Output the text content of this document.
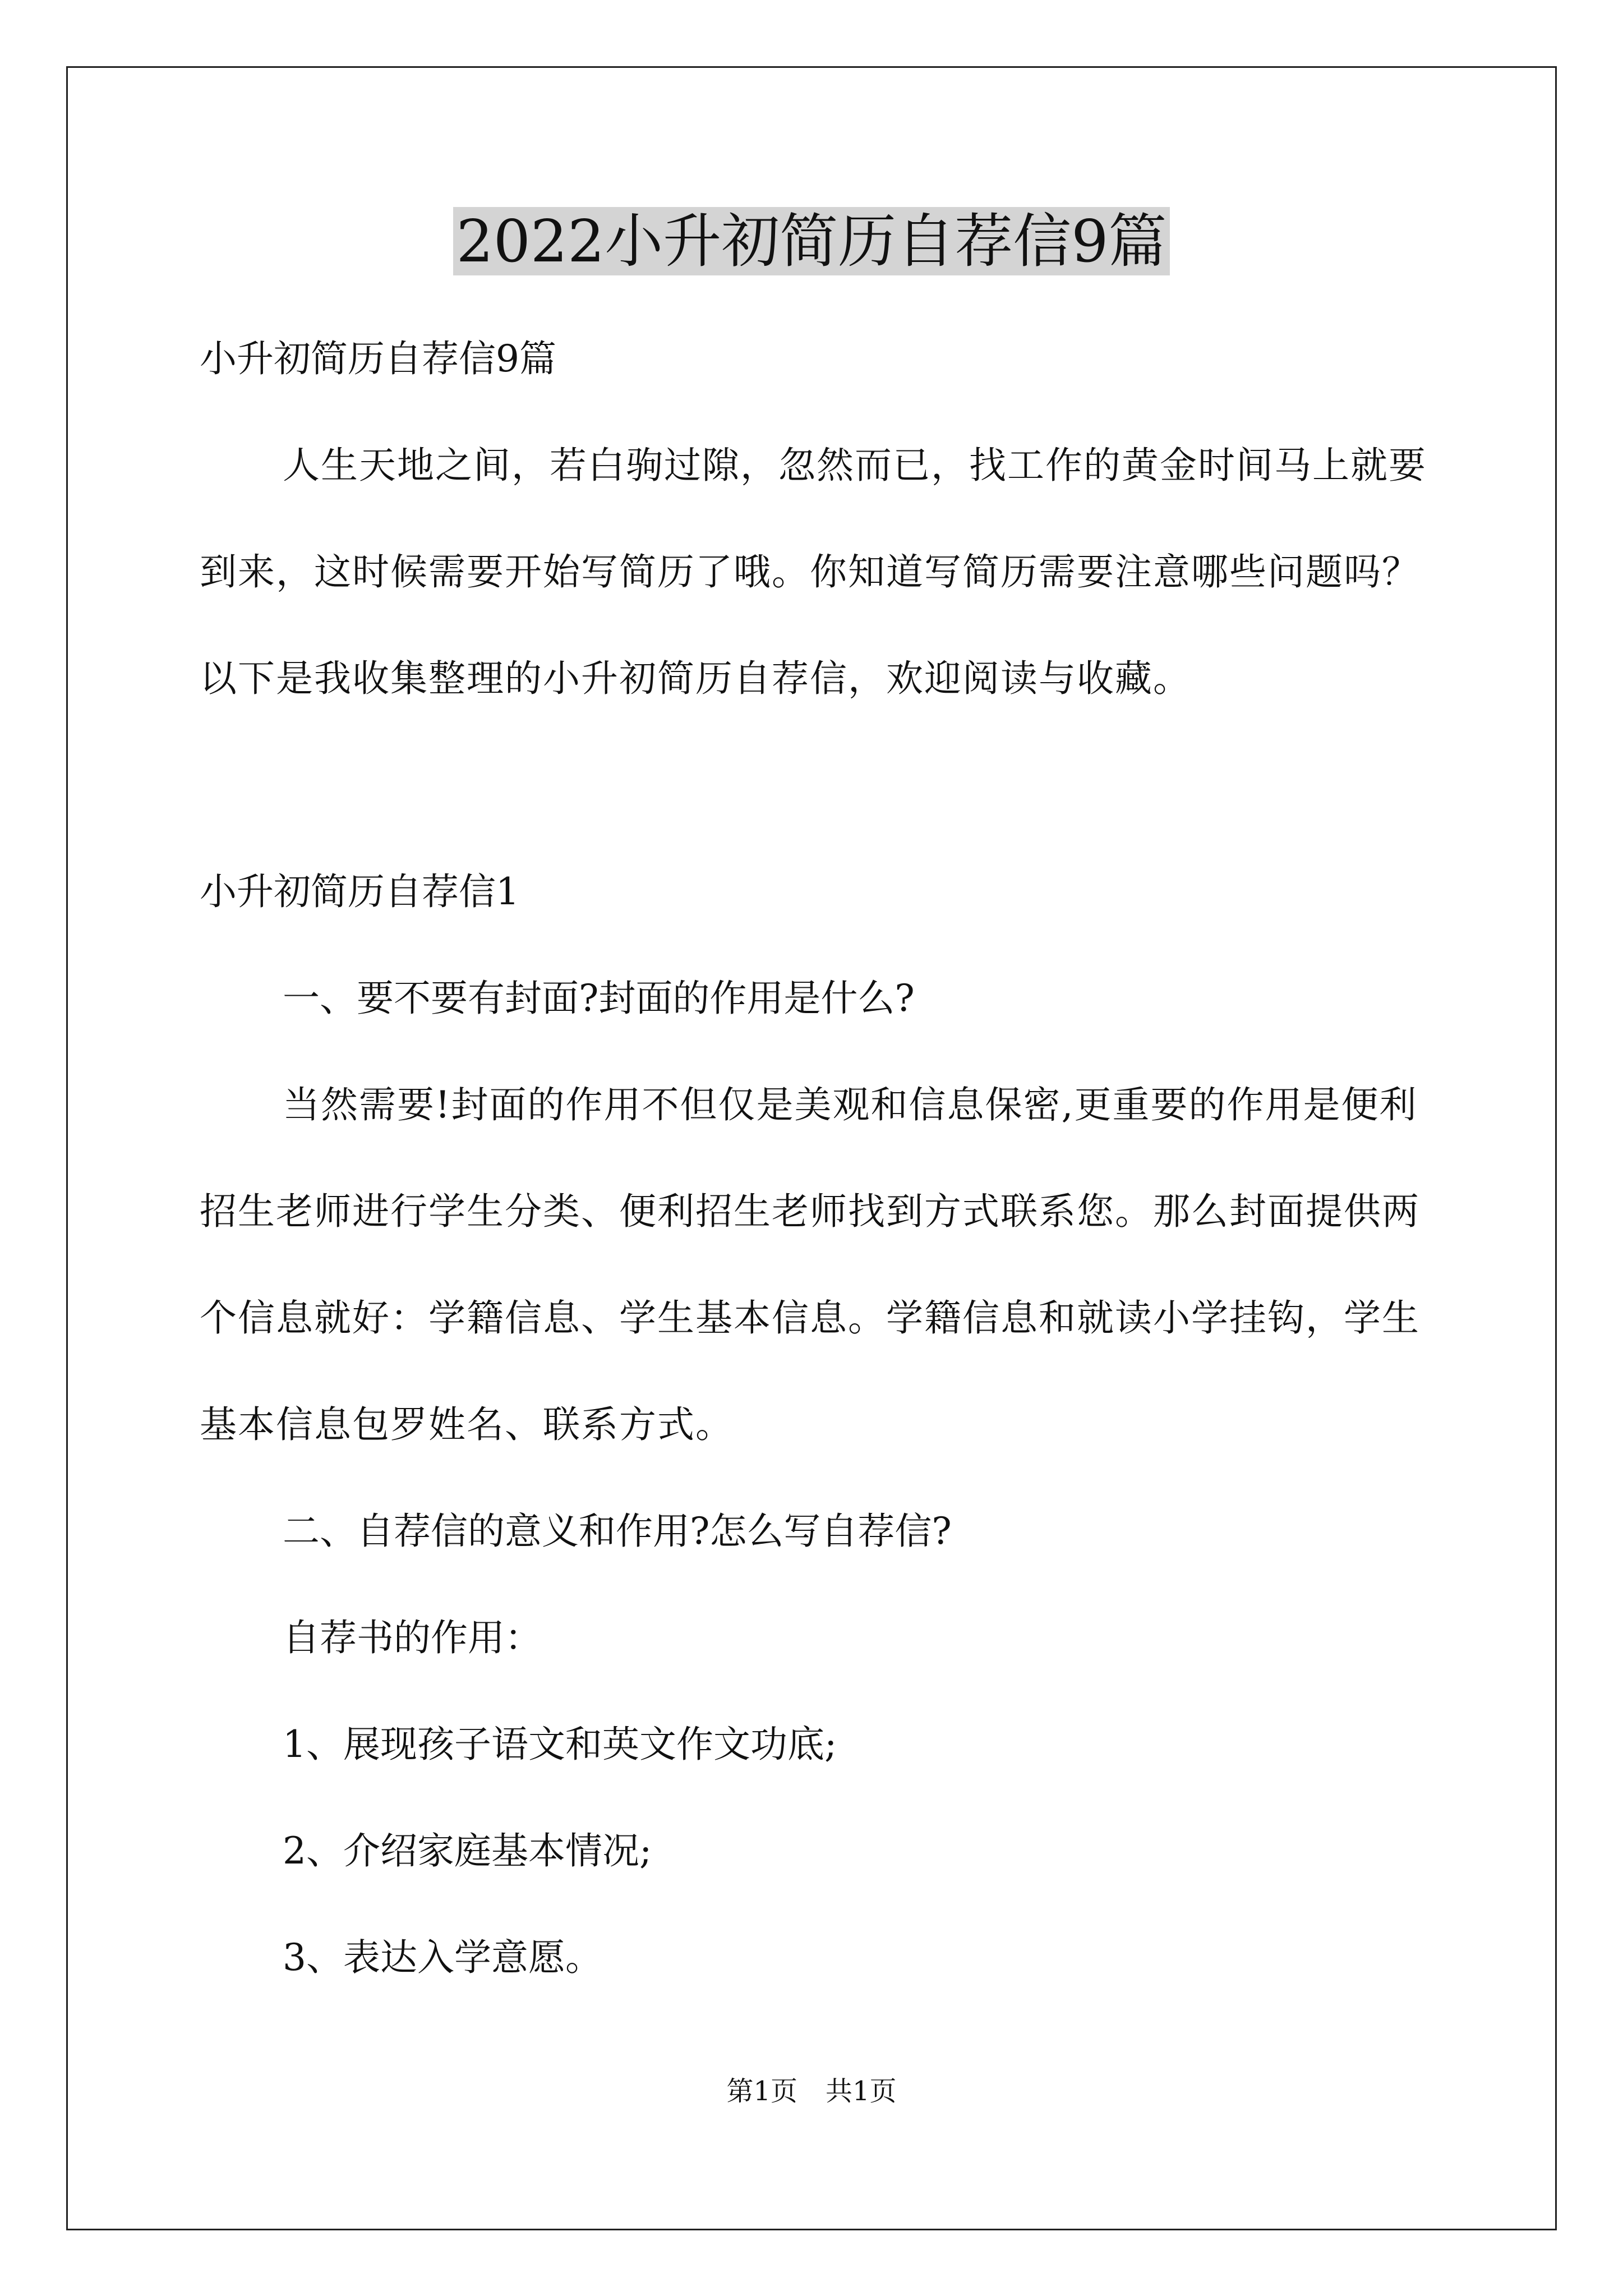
2022小升初简历自荐信9篇

小升初简历自荐信9篇

人生天地之间，若白驹过隙，忽然而已，找工作的黄金时间马上就要到来，这时候需要开始写简历了哦。你知道写简历需要注意哪些问题吗？以下是我收集整理的小升初简历自荐信，欢迎阅读与收藏。

小升初简历自荐信1

一、要不要有封面?封面的作用是什么?

当然需要!封面的作用不但仅是美观和信息保密,更重要的作用是便利招生老师进行学生分类、便利招生老师找到方式联系您。那么封面提供两个信息就好：学籍信息、学生基本信息。学籍信息和就读小学挂钩，学生基本信息包罗姓名、联系方式。

二、自荐信的意义和作用?怎么写自荐信?

自荐书的作用：

1、展现孩子语文和英文作文功底;

2、介绍家庭基本情况;

3、表达入学意愿。

第1页 共1页
